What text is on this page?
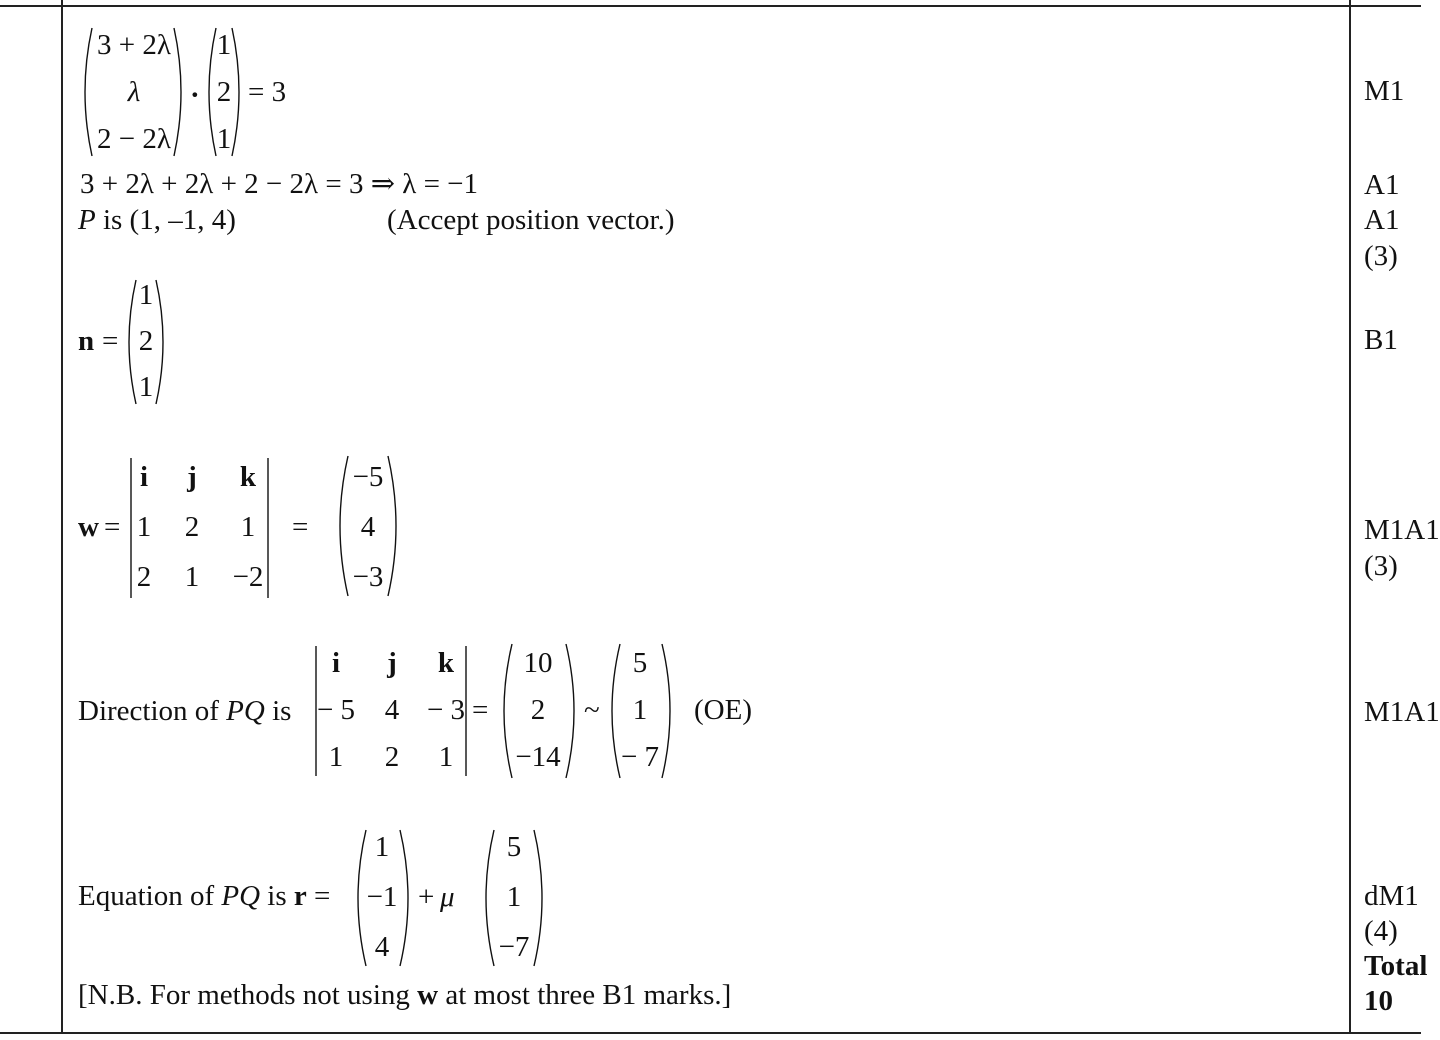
3 + 2λ
λ
2 − 2λ
·
1
2
1
= 3
3 + 2λ + 2λ + 2 − 2λ = 3 ⇒ λ = −1
P is (1, –1, 4)	(Accept position vector.)
n =
1
2
1
w =
i j k
1 2 1
2 1 −2
=
−5
4
−3
Direction of PQ is
i j k
− 5 4 − 3
1 2 1
=
10
2
−14
~
5
1
− 7
(OE)
Equation of PQ is r =
1
−1
4
+ μ
5
1
−7
[N.B. For methods not using w at most three B1 marks.]
M1
A1
A1
(3)
B1
M1A1
(3)
M1A1
dM1
(4)
Total
10
